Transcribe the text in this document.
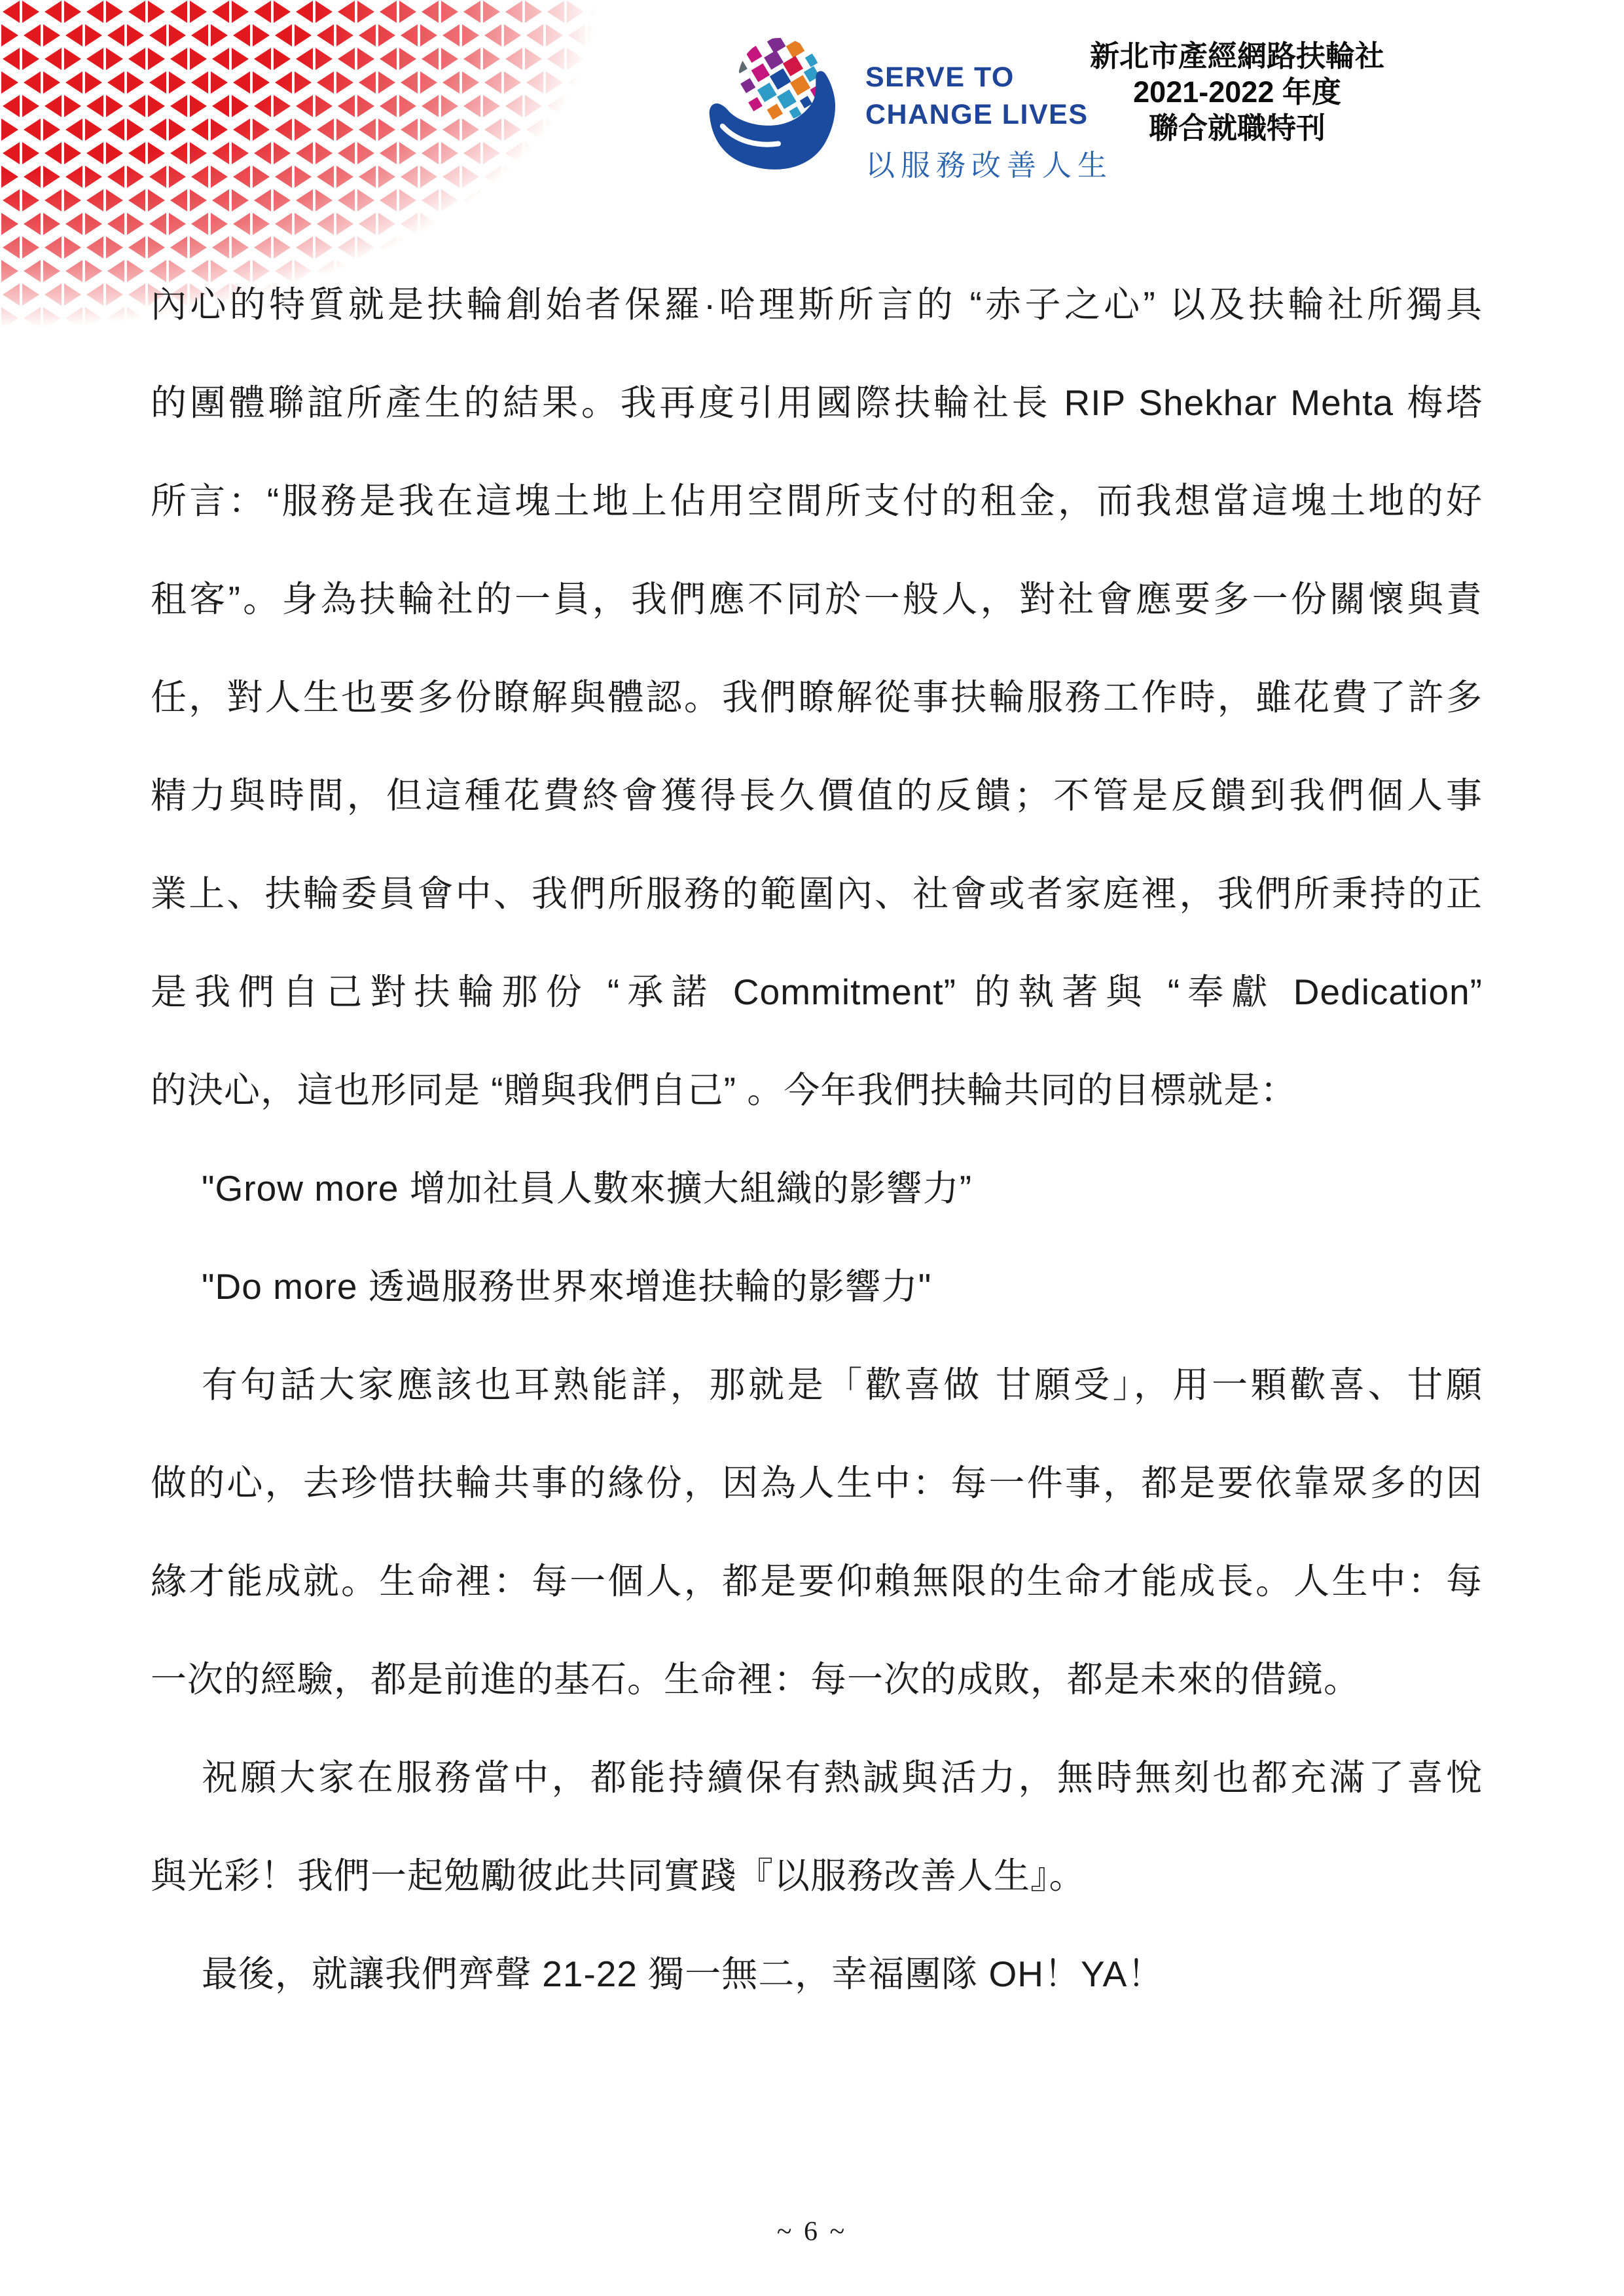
SERVE TO
CHANGE LIVES
以服務改善人生
新北市產經網路扶輪社
2021-2022 年度
聯合就職特刊

內心的特質就是扶輪創始者保羅·哈理斯所言的 “赤子之心” 以及扶輪社所獨具

的團體聯誼所產生的結果。我再度引用國際扶輪社長 RIP Shekhar Mehta 梅塔

所言：“服務是我在這塊土地上佔用空間所支付的租金，而我想當這塊土地的好

租客”。身為扶輪社的一員，我們應不同於一般人，對社會應要多一份關懷與責

任，對人生也要多份瞭解與體認。我們瞭解從事扶輪服務工作時，雖花費了許多

精力與時間，但這種花費終會獲得長久價值的反饋；不管是反饋到我們個人事

業上、扶輪委員會中、我們所服務的範圍內、社會或者家庭裡，我們所秉持的正

是我們自己對扶輪那份 “承諾 Commitment” 的執著與 “奉獻 Dedication”

的決心，這也形同是 “贈與我們自己” 。今年我們扶輪共同的目標就是：

"Grow more 增加社員人數來擴大組織的影響力”

"Do more 透過服務世界來增進扶輪的影響力"

有句話大家應該也耳熟能詳，那就是「歡喜做 甘願受」，用一顆歡喜、甘願

做的心，去珍惜扶輪共事的緣份，因為人生中：每一件事，都是要依靠眾多的因

緣才能成就。生命裡：每一個人，都是要仰賴無限的生命才能成長。人生中：每

一次的經驗，都是前進的基石。生命裡：每一次的成敗，都是未來的借鏡。

祝願大家在服務當中，都能持續保有熱誠與活力，無時無刻也都充滿了喜悅

與光彩！我們一起勉勵彼此共同實踐『以服務改善人生』。

最後，就讓我們齊聲 21-22 獨一無二，幸福團隊 OH！YA！

~ 6 ~
